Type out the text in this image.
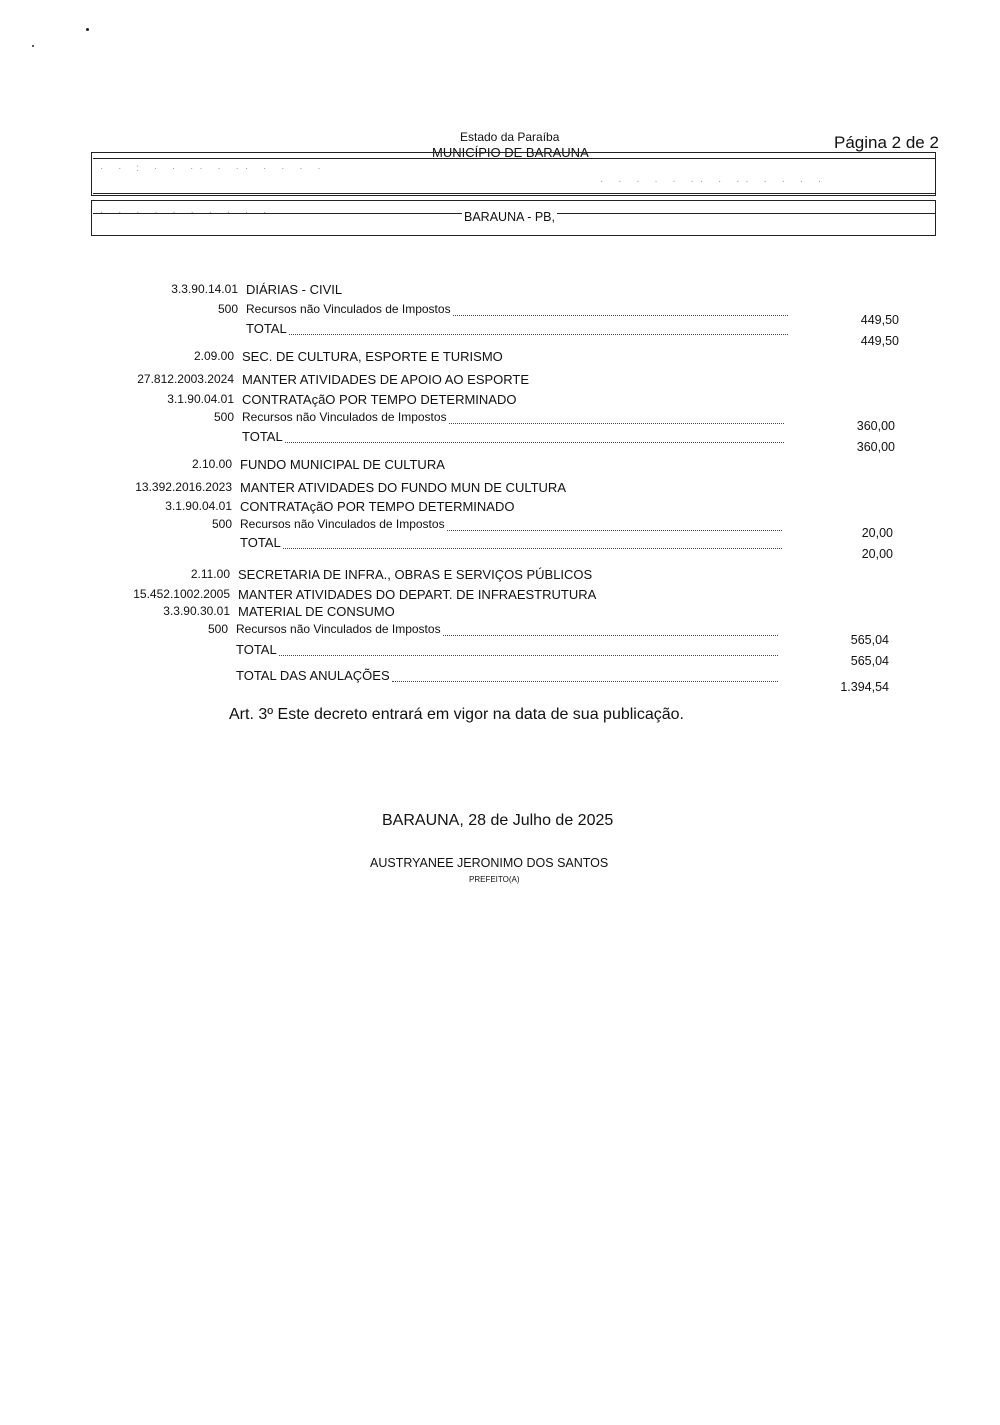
Estado da Paraíba
MUNICÍPIO DE BARAUNA
Página 2 de 2
· · : · · ·· · ·· · · · ·
· · · · · ·· · ·· · · · ·
· · · · · · · · · ·	BARAUNA - PB,
3.3.90.14.01 DIÁRIAS - CIVIL
500 Recursos não Vinculados de Impostos
449,50
TOTAL
449,50
2.09.00 SEC. DE CULTURA, ESPORTE E TURISMO
27.812.2003.2024 MANTER ATIVIDADES DE APOIO AO ESPORTE
3.1.90.04.01 CONTRATAçãO POR TEMPO DETERMINADO
500 Recursos não Vinculados de Impostos
360,00
TOTAL
360,00
2.10.00 FUNDO MUNICIPAL DE CULTURA
13.392.2016.2023 MANTER ATIVIDADES DO FUNDO MUN DE CULTURA
3.1.90.04.01 CONTRATAçãO POR TEMPO DETERMINADO
500 Recursos não Vinculados de Impostos
20,00
TOTAL
20,00
2.11.00 SECRETARIA DE INFRA., OBRAS E SERVIÇOS PÚBLICOS
15.452.1002.2005 MANTER ATIVIDADES DO DEPART. DE INFRAESTRUTURA
3.3.90.30.01 MATERIAL DE CONSUMO
500 Recursos não Vinculados de Impostos
565,04
TOTAL
565,04
TOTAL DAS ANULAÇÕES
1.394,54
Art. 3º Este decreto entrará em vigor na data de sua publicação.
BARAUNA, 28 de Julho de 2025
AUSTRYANEE JERONIMO DOS SANTOS
PREFEITO(A)
